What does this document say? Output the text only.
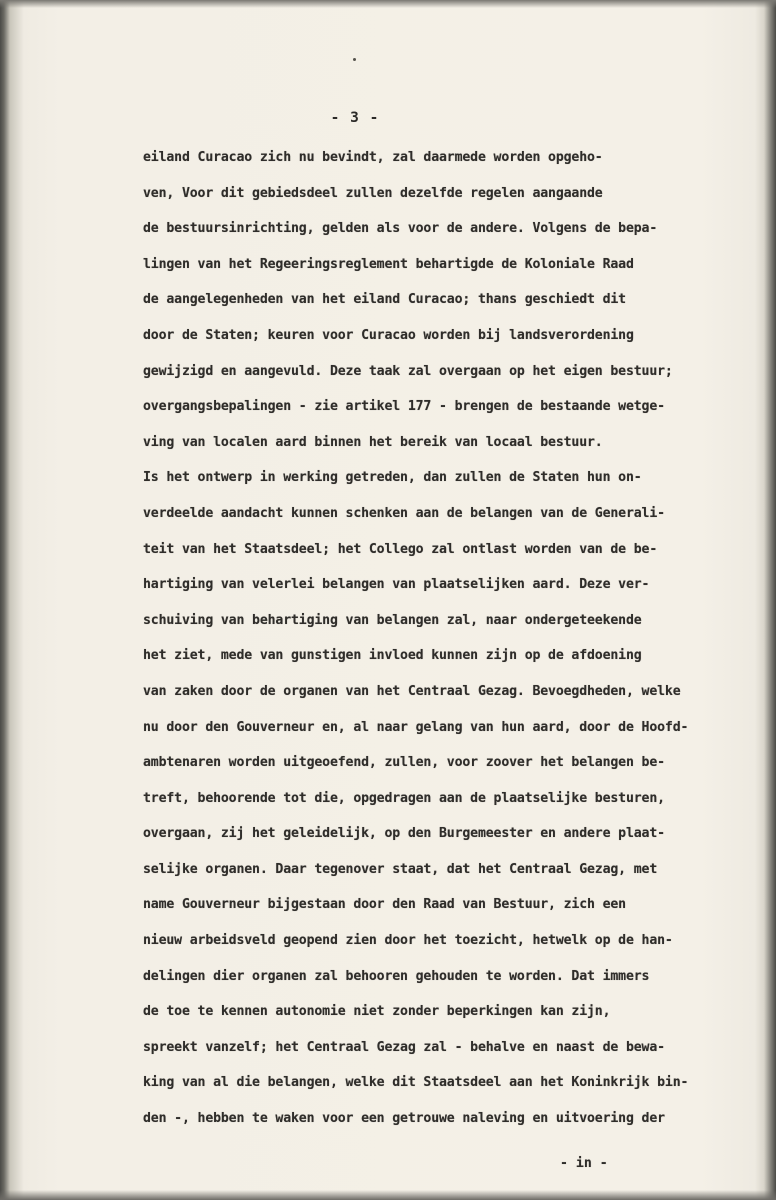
- 3 -
eiland Curacao zich nu bevindt, zal daarmede worden opgeho-
ven, Voor dit gebiedsdeel zullen dezelfde regelen aangaande
de bestuursinrichting, gelden als voor de andere. Volgens de bepa-
lingen van het Regeeringsreglement behartigde de Koloniale Raad
de aangelegenheden van het eiland Curacao; thans geschiedt dit
door de Staten; keuren voor Curacao worden bij landsverordening
gewijzigd en aangevuld. Deze taak zal overgaan op het eigen bestuur;
overgangsbepalingen - zie artikel 177 - brengen de bestaande wetge-
ving van localen aard binnen het bereik van locaal bestuur.
Is het ontwerp in werking getreden, dan zullen de Staten hun on-
verdeelde aandacht kunnen schenken aan de belangen van de Generali-
teit van het Staatsdeel; het Collego zal ontlast worden van de be-
hartiging van velerlei belangen van plaatselijken aard. Deze ver-
schuiving van behartiging van belangen zal, naar ondergeteekende
het ziet, mede van gunstigen invloed kunnen zijn op de afdoening
van zaken door de organen van het Centraal Gezag. Bevoegdheden, welke
nu door den Gouverneur en, al naar gelang van hun aard, door de Hoofd-
ambtenaren worden uitgeoefend, zullen, voor zoover het belangen be-
treft, behoorende tot die, opgedragen aan de plaatselijke besturen,
overgaan, zij het geleidelijk, op den Burgemeester en andere plaat-
selijke organen. Daar tegenover staat, dat het Centraal Gezag, met
name Gouverneur bijgestaan door den Raad van Bestuur, zich een
nieuw arbeidsveld geopend zien door het toezicht, hetwelk op de han-
delingen dier organen zal behooren gehouden te worden. Dat immers
de toe te kennen autonomie niet zonder beperkingen kan zijn,
spreekt vanzelf; het Centraal Gezag zal - behalve en naast de bewa-
king van al die belangen, welke dit Staatsdeel aan het Koninkrijk bin-
den -, hebben te waken voor een getrouwe naleving en uitvoering der
- in -
